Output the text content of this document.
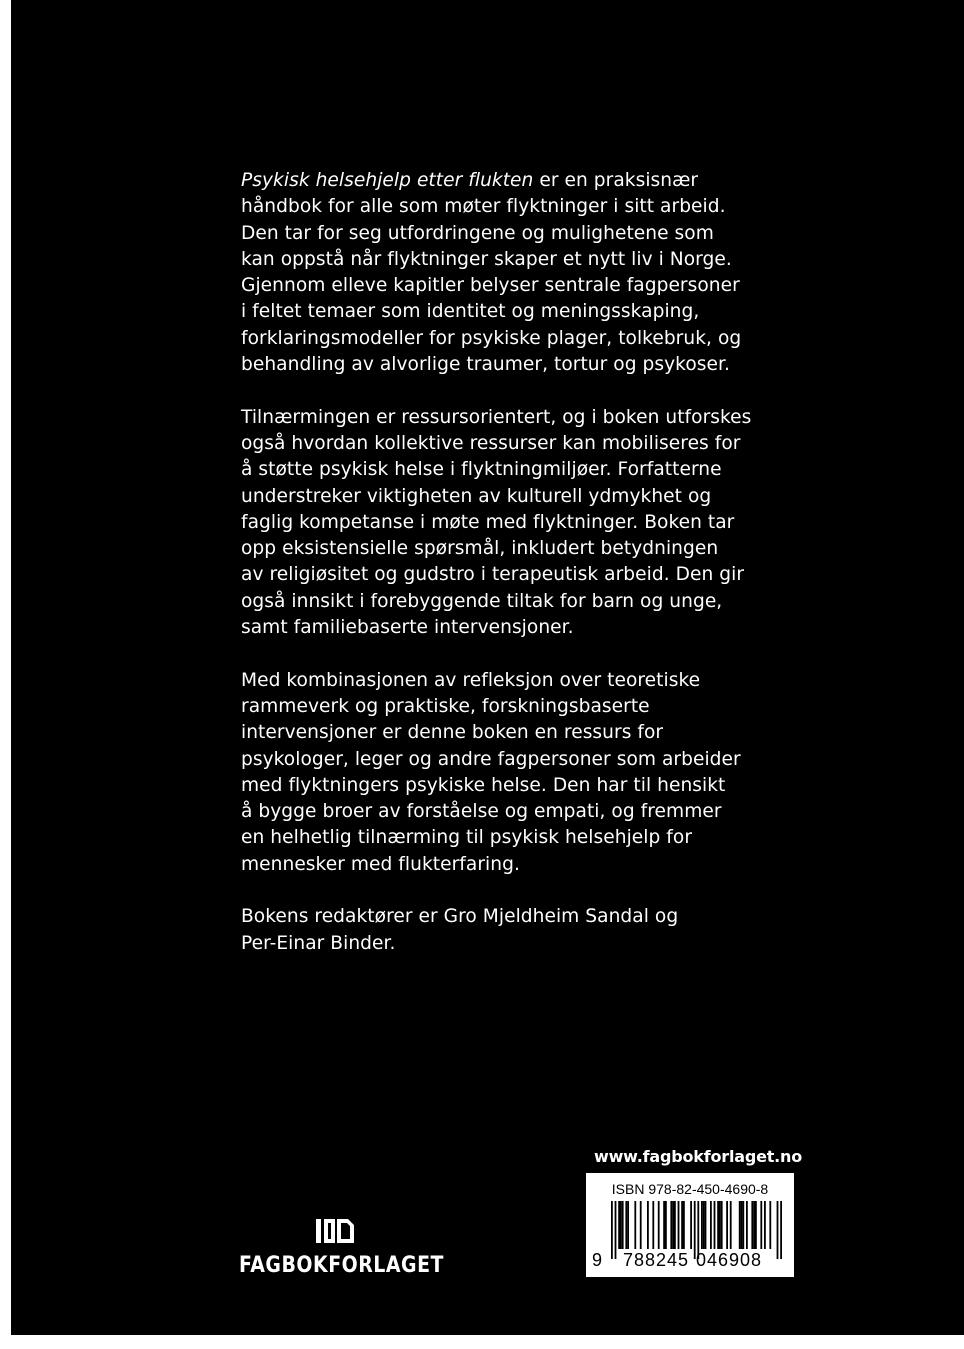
Psykisk helsehjelp etter flukten er en praksisnær
håndbok for alle som møter flyktninger i sitt arbeid.
Den tar for seg utfordringene og mulighetene som
kan oppstå når flyktninger skaper et nytt liv i Norge.
Gjennom elleve kapitler belyser sentrale fagpersoner
i feltet temaer som identitet og meningsskaping,
forklaringsmodeller for psykiske plager, tolkebruk, og
behandling av alvorlige traumer, tortur og psykoser.
Tilnærmingen er ressursorientert, og i boken utforskes
også hvordan kollektive ressurser kan mobiliseres for
å støtte psykisk helse i flyktningmiljøer. Forfatterne
understreker viktigheten av kulturell ydmykhet og
faglig kompetanse i møte med flyktninger. Boken tar
opp eksistensielle spørsmål, inkludert betydningen
av religiøsitet og gudstro i terapeutisk arbeid. Den gir
også innsikt i forebyggende tiltak for barn og unge,
samt familiebaserte intervensjoner.
Med kombinasjonen av refleksjon over teoretiske
rammeverk og praktiske, forskningsbaserte
intervensjoner er denne boken en ressurs for
psykologer, leger og andre fagpersoner som arbeider
med flyktningers psykiske helse. Den har til hensikt
å bygge broer av forståelse og empati, og fremmer
en helhetlig tilnærming til psykisk helsehjelp for
mennesker med flukterfaring.
Bokens redaktører er Gro Mjeldheim Sandal og
Per-Einar Binder.
www.fagbokforlaget.no
ISBN 978-82-450-4690-8
9 788245 046908
FAGBOKFORLAGET
